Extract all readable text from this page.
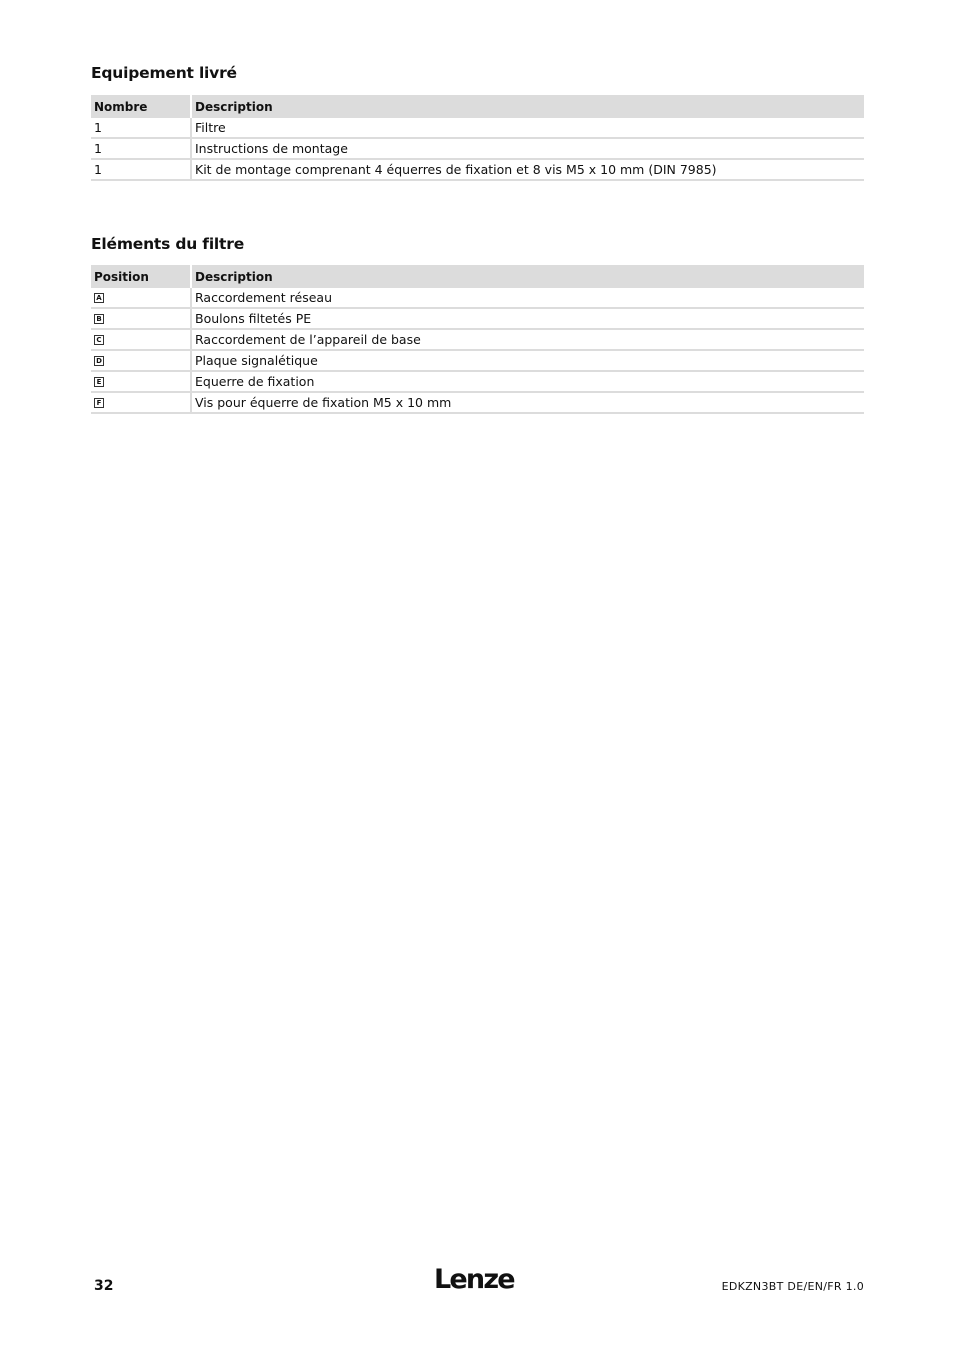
Equipement livré
Nombre	Description
1	Filtre
1	Instructions de montage
1	Kit de montage comprenant 4 équerres de fixation et 8 vis M5 x 10 mm (DIN 7985)
Eléments du filtre
Position	Description
A	Raccordement réseau
B	Boulons filtetés PE
C	Raccordement de l’appareil de base
D	Plaque signalétique
E	Equerre de fixation
F	Vis pour équerre de fixation M5 x 10 mm
32	Lenze	EDKZN3BT DE/EN/FR 1.0
